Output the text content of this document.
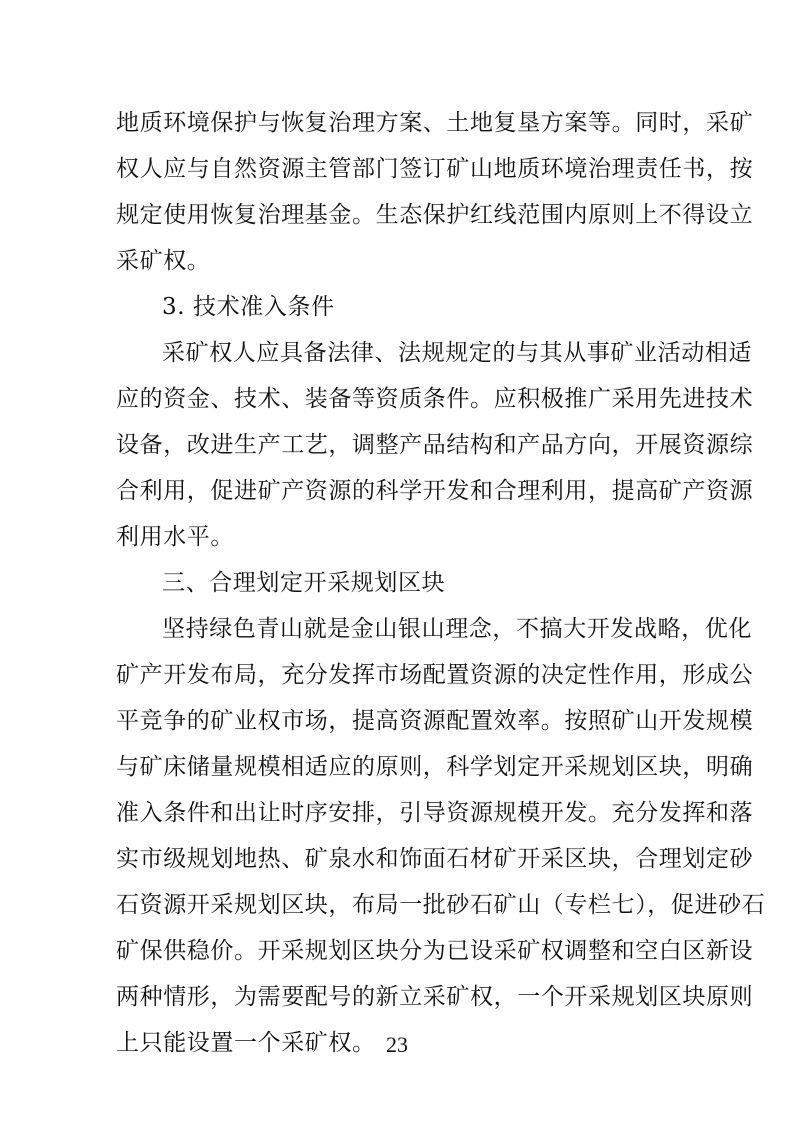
地质环境保护与恢复治理方案、土地复垦方案等。同时，采矿
权人应与自然资源主管部门签订矿山地质环境治理责任书，按
规定使用恢复治理基金。生态保护红线范围内原则上不得设立
采矿权。
3. 技术准入条件
采矿权人应具备法律、法规规定的与其从事矿业活动相适
应的资金、技术、装备等资质条件。应积极推广采用先进技术
设备，改进生产工艺，调整产品结构和产品方向，开展资源综
合利用，促进矿产资源的科学开发和合理利用，提高矿产资源
利用水平。
三、合理划定开采规划区块
坚持绿色青山就是金山银山理念，不搞大开发战略，优化
矿产开发布局，充分发挥市场配置资源的决定性作用，形成公
平竞争的矿业权市场，提高资源配置效率。按照矿山开发规模
与矿床储量规模相适应的原则，科学划定开采规划区块，明确
准入条件和出让时序安排，引导资源规模开发。充分发挥和落
实市级规划地热、矿泉水和饰面石材矿开采区块，合理划定砂
石资源开采规划区块，布局一批砂石矿山（专栏七），促进砂石
矿保供稳价。开采规划区块分为已设采矿权调整和空白区新设
两种情形，为需要配号的新立采矿权，一个开采规划区块原则
上只能设置一个采矿权。 23
